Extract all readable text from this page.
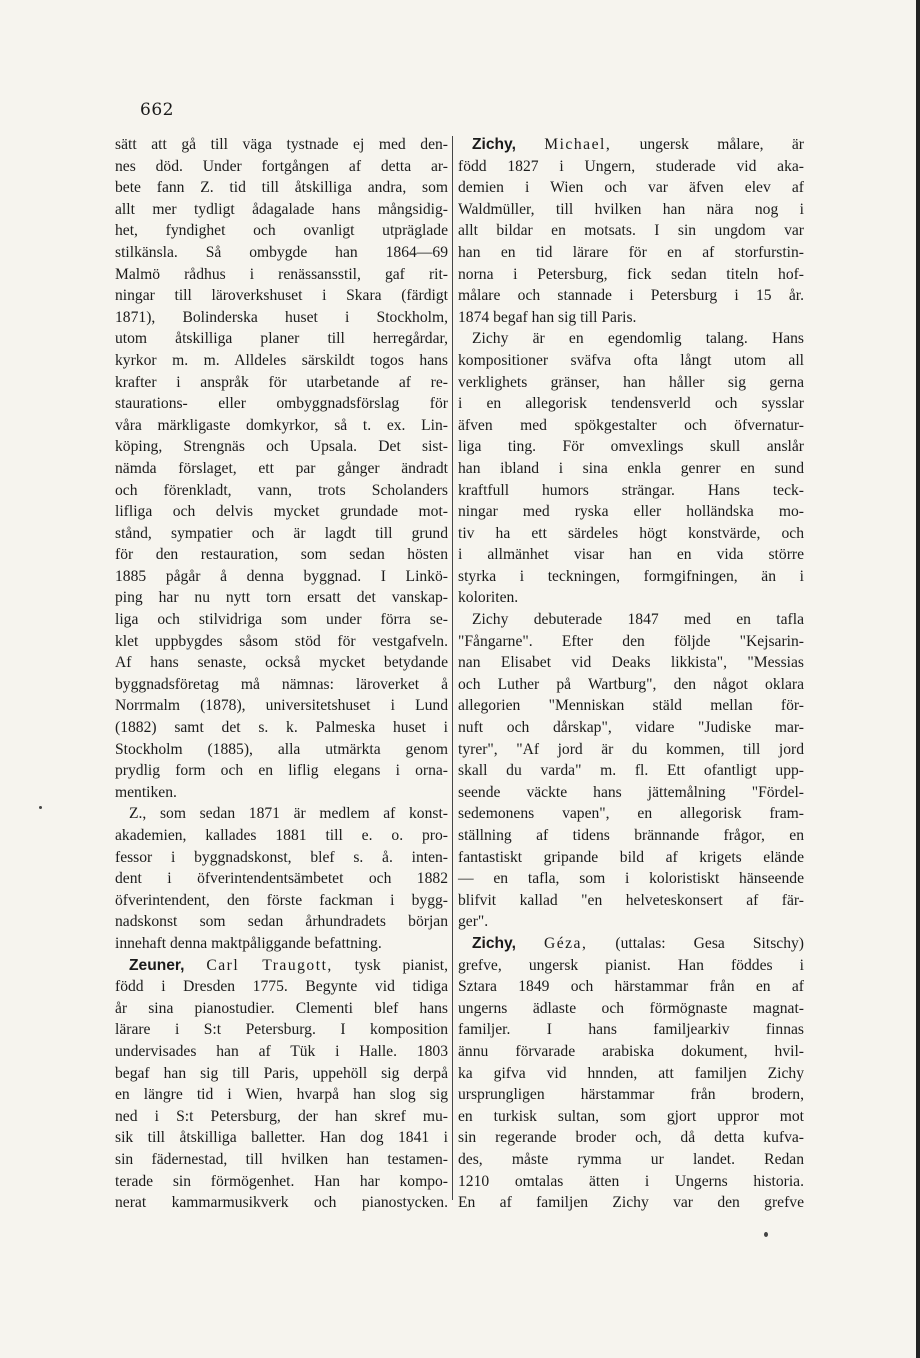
662
sätt att gå till väga tystnade ej med den-
nes död. Under fortgången af detta ar-
bete fann Z. tid till åtskilliga andra, som
allt mer tydligt ådagalade hans mångsidig-
het, fyndighet och ovanligt utpräglade
stilkänsla. Så ombygde han 1864—69
Malmö rådhus i renässansstil, gaf rit-
ningar till läroverkshuset i Skara (färdigt
1871), Bolinderska huset i Stockholm,
utom åtskilliga planer till herregårdar,
kyrkor m. m. Alldeles särskildt togos hans
krafter i anspråk för utarbetande af re-
staurations- eller ombyggnadsförslag för
våra märkligaste domkyrkor, så t. ex. Lin-
köping, Strengnäs och Upsala. Det sist-
nämda förslaget, ett par gånger ändradt
och förenkladt, vann, trots Scholanders
lifliga och delvis mycket grundade mot-
stånd, sympatier och är lagdt till grund
för den restauration, som sedan hösten
1885 pågår å denna byggnad. I Linkö-
ping har nu nytt torn ersatt det vanskap-
liga och stilvidriga som under förra se-
klet uppbygdes såsom stöd för vestgafveln.
Af hans senaste, också mycket betydande
byggnadsföretag må nämnas: läroverket å
Norrmalm (1878), universitetshuset i Lund
(1882) samt det s. k. Palmeska huset i
Stockholm (1885), alla utmärkta genom
prydlig form och en liflig elegans i orna-
mentiken.
Z., som sedan 1871 är medlem af konst-
akademien, kallades 1881 till e. o. pro-
fessor i byggnadskonst, blef s. å. inten-
dent i öfverintendentsämbetet och 1882
öfverintendent, den förste fackman i bygg-
nadskonst som sedan århundradets början
innehaft denna maktpåliggande befattning.
Zeuner, Carl Traugott, tysk pianist,
född i Dresden 1775. Begynte vid tidiga
år sina pianostudier. Clementi blef hans
lärare i S:t Petersburg. I komposition
undervisades han af Tük i Halle. 1803
begaf han sig till Paris, uppehöll sig derpå
en längre tid i Wien, hvarpå han slog sig
ned i S:t Petersburg, der han skref mu-
sik till åtskilliga balletter. Han dog 1841 i
sin fädernestad, till hvilken han testamen-
terade sin förmögenhet. Han har kompo-
nerat kammarmusikverk och pianostycken.
Zichy, Michael, ungersk målare, är
född 1827 i Ungern, studerade vid aka-
demien i Wien och var äfven elev af
Waldmüller, till hvilken han nära nog i
allt bildar en motsats. I sin ungdom var
han en tid lärare för en af storfurstin-
norna i Petersburg, fick sedan titeln hof-
målare och stannade i Petersburg i 15 år.
1874 begaf han sig till Paris.
Zichy är en egendomlig talang. Hans
kompositioner sväfva ofta långt utom all
verklighets gränser, han håller sig gerna
i en allegorisk tendensverld och sysslar
äfven med spökgestalter och öfvernatur-
liga ting. För omvexlings skull anslår
han ibland i sina enkla genrer en sund
kraftfull humors strängar. Hans teck-
ningar med ryska eller holländska mo-
tiv ha ett särdeles högt konstvärde, och
i allmänhet visar han en vida större
styrka i teckningen, formgifningen, än i
koloriten.
Zichy debuterade 1847 med en tafla
"Fångarne". Efter den följde "Kejsarin-
nan Elisabet vid Deaks likkista", "Messias
och Luther på Wartburg", den något oklara
allegorien "Menniskan stäld mellan för-
nuft och dårskap", vidare "Judiske mar-
tyrer", "Af jord är du kommen, till jord
skall du varda" m. fl. Ett ofantligt upp-
seende väckte hans jättemålning "Fördel-
sedemonens vapen", en allegorisk fram-
ställning af tidens brännande frågor, en
fantastiskt gripande bild af krigets elände
— en tafla, som i koloristiskt hänseende
blifvit kallad "en helveteskonsert af fär-
ger".
Zichy, Géza, (uttalas: Gesa Sitschy)
grefve, ungersk pianist. Han föddes i
Sztara 1849 och härstammar från en af
ungerns ädlaste och förmögnaste magnat-
familjer. I hans familjearkiv finnas
ännu förvarade arabiska dokument, hvil-
ka gifva vid hnnden, att familjen Zichy
ursprungligen härstammar från brodern,
en turkisk sultan, som gjort uppror mot
sin regerande broder och, då detta kufva-
des, måste rymma ur landet. Redan
1210 omtalas ätten i Ungerns historia.
En af familjen Zichy var den grefve
